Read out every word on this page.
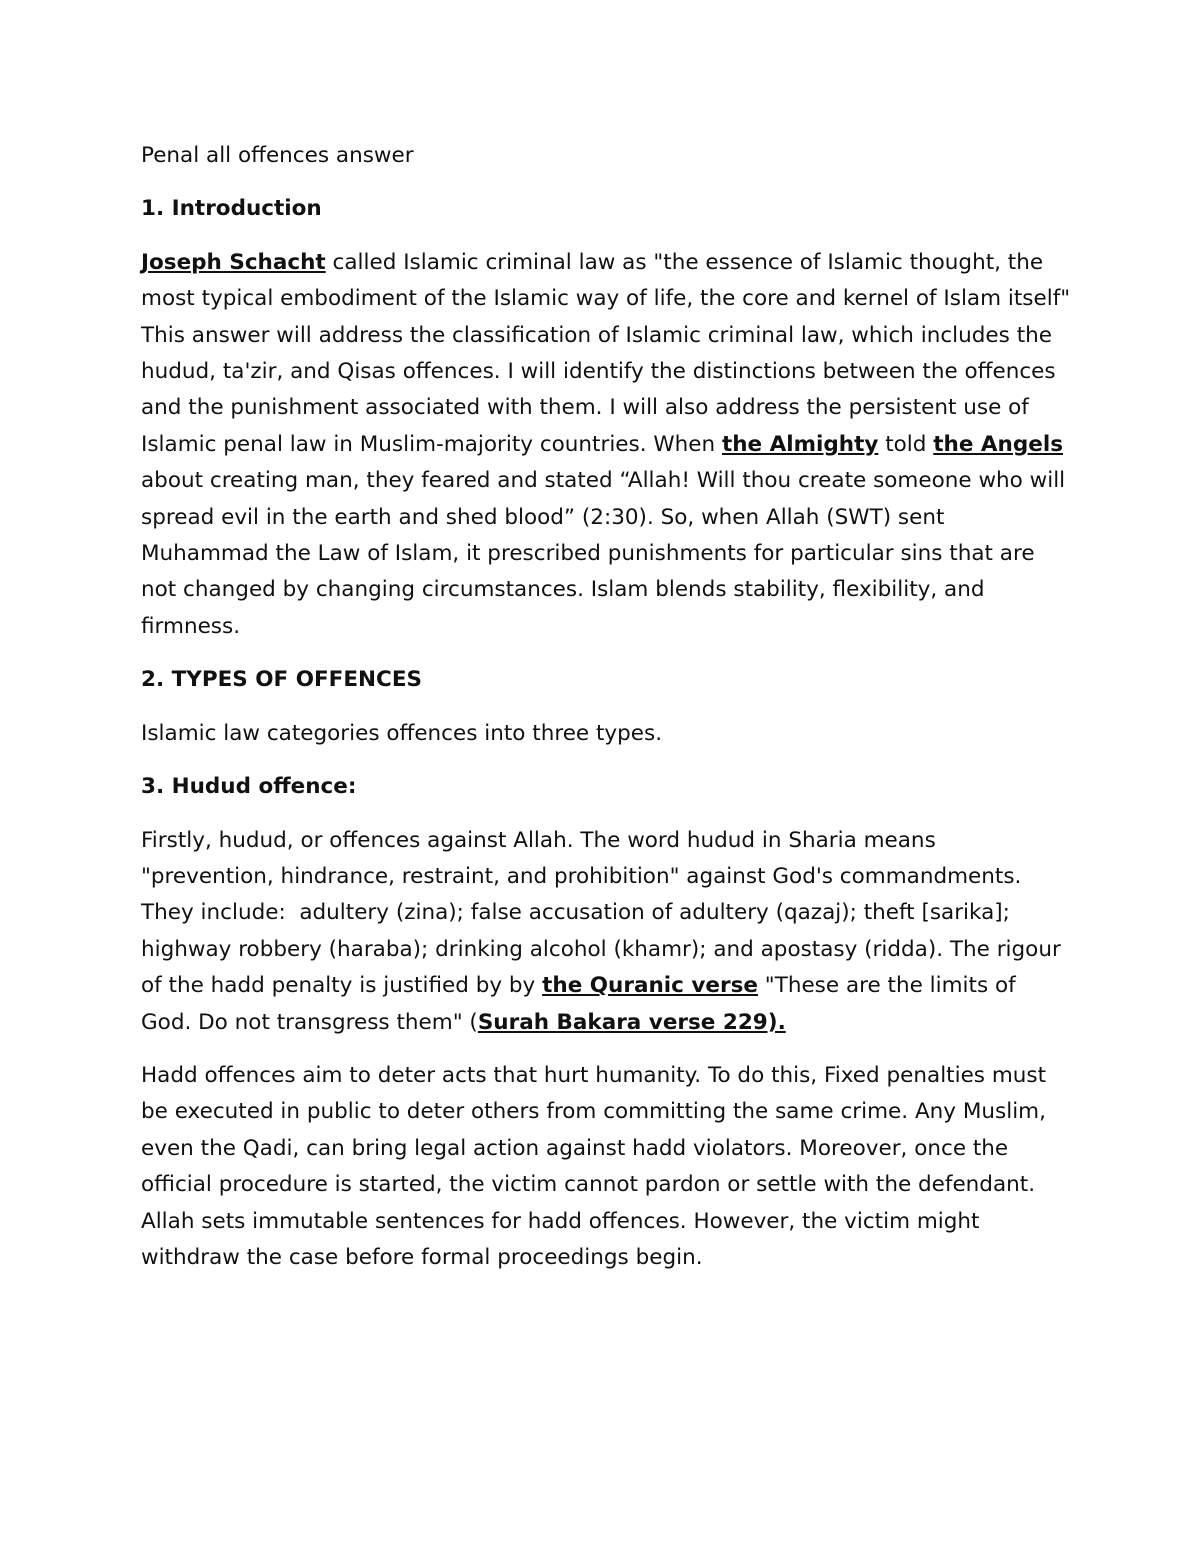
Penal all offences answer

1. Introduction

Joseph Schacht called Islamic criminal law as "the essence of Islamic thought, the most typical embodiment of the Islamic way of life, the core and kernel of Islam itself" This answer will address the classification of Islamic criminal law, which includes the hudud, ta'zir, and Qisas offences. I will identify the distinctions between the offences and the punishment associated with them. I will also address the persistent use of Islamic penal law in Muslim-majority countries. When the Almighty told the Angels about creating man, they feared and stated “Allah! Will thou create someone who will spread evil in the earth and shed blood” (2:30). So, when Allah (SWT) sent Muhammad the Law of Islam, it prescribed punishments for particular sins that are not changed by changing circumstances. Islam blends stability, flexibility, and firmness.

2. TYPES OF OFFENCES

Islamic law categories offences into three types.

3. Hudud offence:

Firstly, hudud, or offences against Allah. The word hudud in Sharia means "prevention, hindrance, restraint, and prohibition" against God's commandments. They include:  adultery (zina); false accusation of adultery (qazaj); theft [sarika]; highway robbery (haraba); drinking alcohol (khamr); and apostasy (ridda). The rigour of the hadd penalty is justified by by the Quranic verse "These are the limits of God. Do not transgress them" (Surah Bakara verse 229).

Hadd offences aim to deter acts that hurt humanity. To do this, Fixed penalties must be executed in public to deter others from committing the same crime. Any Muslim, even the Qadi, can bring legal action against hadd violators. Moreover, once the official procedure is started, the victim cannot pardon or settle with the defendant. Allah sets immutable sentences for hadd offences. However, the victim might withdraw the case before formal proceedings begin.
